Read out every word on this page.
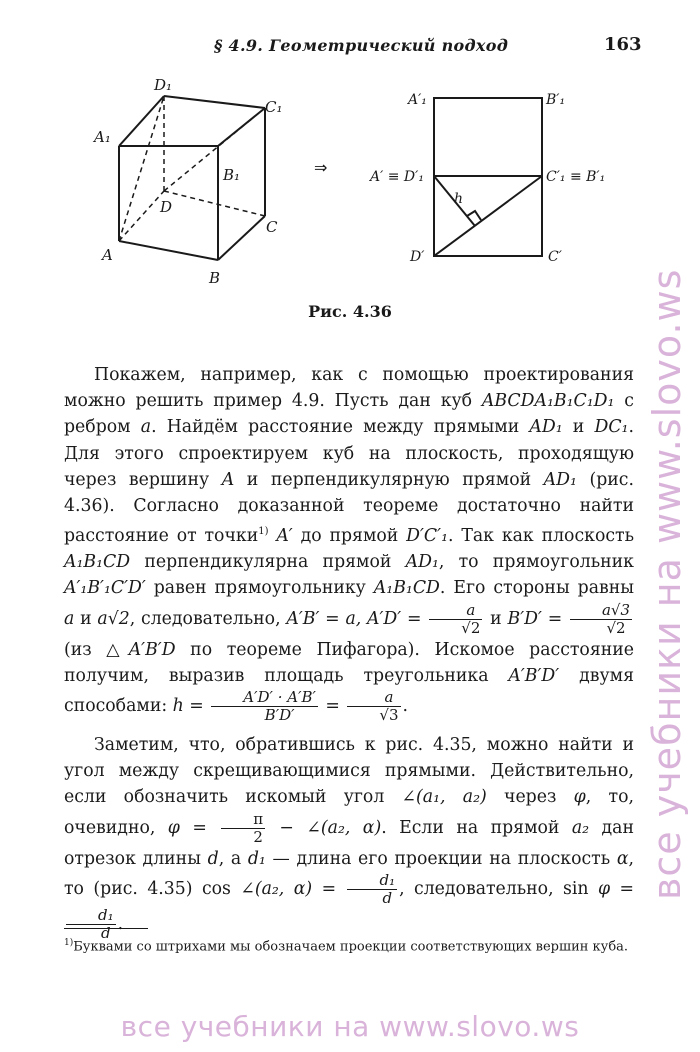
§ 4.9. Геометрический подход	163
D₁
C₁
A₁
B₁
D
C
A
B
⇒
A′₁	B′₁
A′ ≡ D′₁	C′₁ ≡ B′₁
h
D′	C′
Рис. 4.36

Покажем, например, как с помощью проектирования можно решить пример 4.9. Пусть дан куб ABCDA₁B₁C₁D₁ с ребром a. Найдём расстояние между прямыми AD₁ и DC₁. Для этого спроектируем куб на плоскость, проходящую через вершину A и перпендикулярную прямой AD₁ (рис. 4.36). Согласно доказанной теореме достаточно найти расстояние от точки$^{1)}$ A′ до прямой D′C′₁. Так как плоскость A₁B₁CD перпендикулярна прямой AD₁, то прямоугольник A′₁B′₁C′D′ равен прямоугольнику A₁B₁CD. Его стороны равны a и a√2, следовательно, A′B′ = a, $A'D' = \frac{a}{√2}$ и $B'D' = \frac{a√3}{√2}$
(из △A′B′D по теореме Пифагора). Искомое расстояние получим, выразив площадь треугольника A′B′D′ двумя способами: $h = \frac{A'D' \cdot A'B'}{B'D'} = \frac{a}{√3}$ .

Заметим, что, обратившись к рис. 4.35, можно найти и угол между скрещивающимися прямыми. Действительно, если обозначить искомый угол ∠(a₁, a₂) через φ, то, очевидно, $\varphi = \frac{\pi}{2}$ − ∠(a₂, α). Если на прямой a₂ дан отрезок длины d, а d₁ — длина его проекции на плоскость α, то (рис. 4.35) cos ∠(a₂, $\alpha) = \frac{\text{d₁}}{d}$ , следовательно, sin φ =
$\frac{\text{d₁}}{d}$ .

$^{1)}$Буквами со штрихами мы обозначаем проекции соответствующих вершин куба.
все учебники на www.slovo.ws
все учебники на www.slovo.ws
